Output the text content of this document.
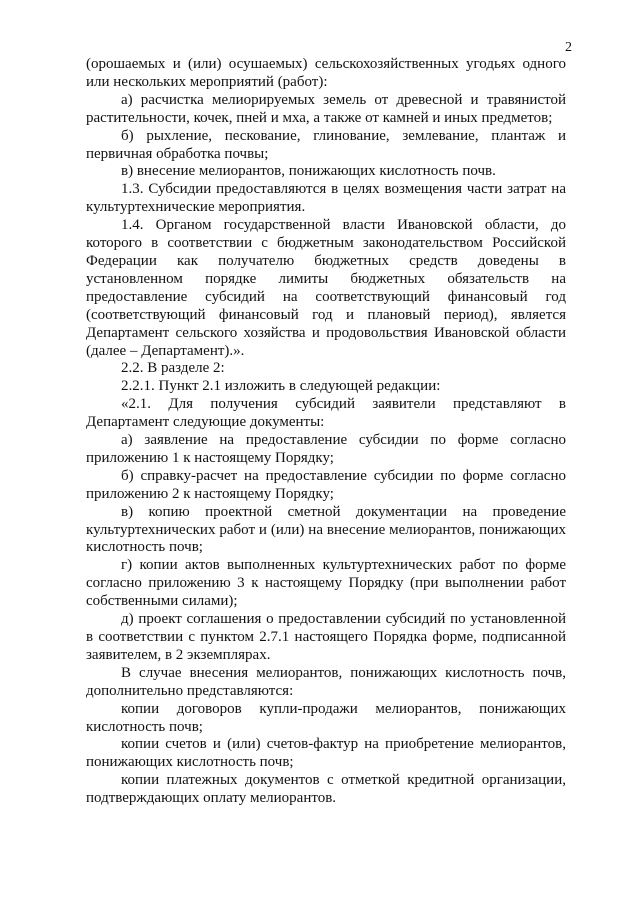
2

(орошаемых и (или) осушаемых) сельскохозяйственных угодьях одного или нескольких мероприятий (работ):

а) расчистка мелиорируемых земель от древесной и травянистой растительности, кочек, пней и мха, а также от камней и иных предметов;

б) рыхление, пескование, глинование, землевание, плантаж и первичная обработка почвы;

в) внесение мелиорантов, понижающих кислотность почв.

1.3. Субсидии предоставляются в целях возмещения части затрат на культуртехнические мероприятия.

1.4. Органом государственной власти Ивановской области, до которого в соответствии с бюджетным законодательством Российской Федерации как получателю бюджетных средств доведены в установленном порядке лимиты бюджетных обязательств на предоставление субсидий на соответствующий финансовый год (соответствующий финансовый год и плановый период), является Департамент сельского хозяйства и продовольствия Ивановской области (далее – Департамент).».

2.2. В разделе 2:

2.2.1. Пункт 2.1 изложить в следующей редакции:

«2.1. Для получения субсидий заявители представляют в Департамент следующие документы:

а) заявление на предоставление субсидии по форме согласно приложению 1 к настоящему Порядку;

б) справку-расчет на предоставление субсидии по форме согласно приложению 2 к настоящему Порядку;

в) копию проектной сметной документации на проведение культуртехнических работ и (или) на внесение мелиорантов, понижающих кислотность почв;

г) копии актов выполненных культуртехнических работ по форме согласно приложению 3 к настоящему Порядку (при выполнении работ собственными силами);

д) проект соглашения о предоставлении субсидий по установленной в соответствии с пунктом 2.7.1 настоящего Порядка форме, подписанной заявителем, в 2 экземплярах.

В случае внесения мелиорантов, понижающих кислотность почв, дополнительно представляются:

копии договоров купли-продажи мелиорантов, понижающих кислотность почв;

копии счетов и (или) счетов-фактур на приобретение мелиорантов, понижающих кислотность почв;

копии платежных документов с отметкой кредитной организации, подтверждающих оплату мелиорантов.
